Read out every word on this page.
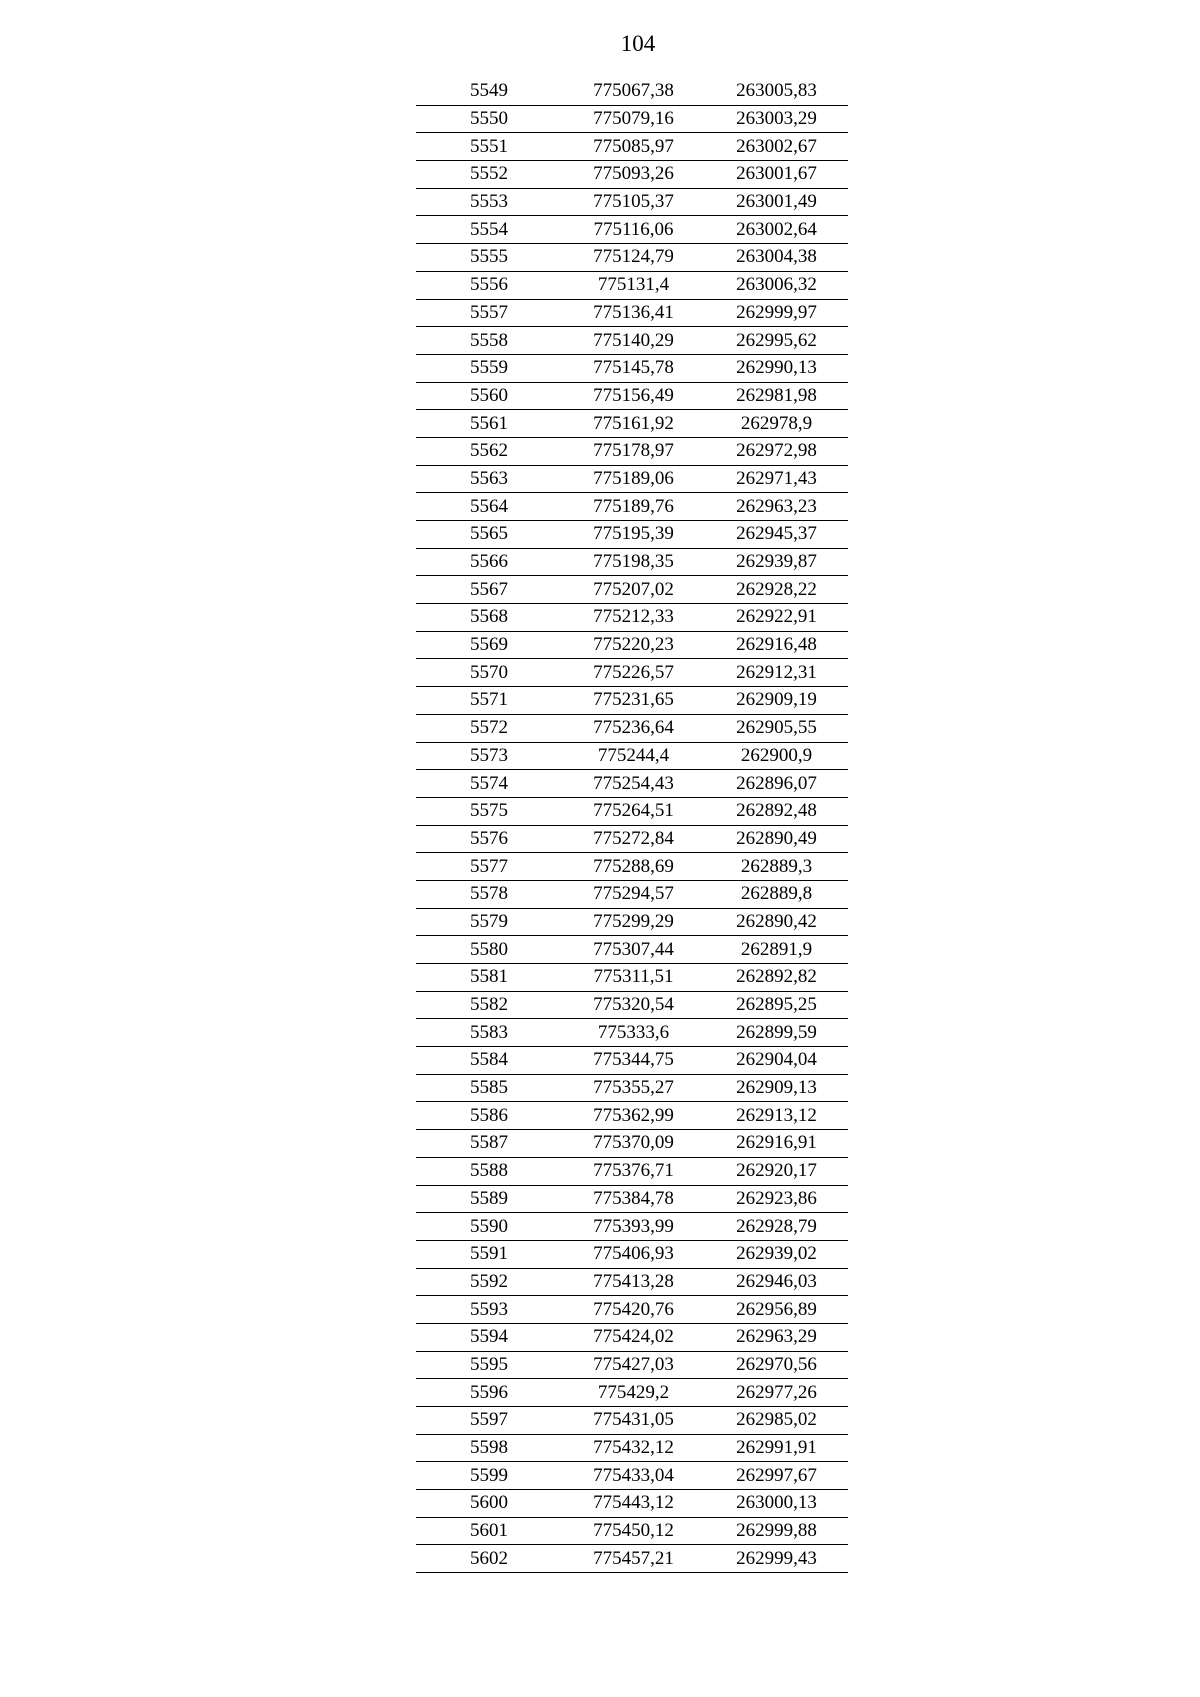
104
5549	775067,38	263005,83
5550	775079,16	263003,29
5551	775085,97	263002,67
5552	775093,26	263001,67
5553	775105,37	263001,49
5554	775116,06	263002,64
5555	775124,79	263004,38
5556	775131,4	263006,32
5557	775136,41	262999,97
5558	775140,29	262995,62
5559	775145,78	262990,13
5560	775156,49	262981,98
5561	775161,92	262978,9
5562	775178,97	262972,98
5563	775189,06	262971,43
5564	775189,76	262963,23
5565	775195,39	262945,37
5566	775198,35	262939,87
5567	775207,02	262928,22
5568	775212,33	262922,91
5569	775220,23	262916,48
5570	775226,57	262912,31
5571	775231,65	262909,19
5572	775236,64	262905,55
5573	775244,4	262900,9
5574	775254,43	262896,07
5575	775264,51	262892,48
5576	775272,84	262890,49
5577	775288,69	262889,3
5578	775294,57	262889,8
5579	775299,29	262890,42
5580	775307,44	262891,9
5581	775311,51	262892,82
5582	775320,54	262895,25
5583	775333,6	262899,59
5584	775344,75	262904,04
5585	775355,27	262909,13
5586	775362,99	262913,12
5587	775370,09	262916,91
5588	775376,71	262920,17
5589	775384,78	262923,86
5590	775393,99	262928,79
5591	775406,93	262939,02
5592	775413,28	262946,03
5593	775420,76	262956,89
5594	775424,02	262963,29
5595	775427,03	262970,56
5596	775429,2	262977,26
5597	775431,05	262985,02
5598	775432,12	262991,91
5599	775433,04	262997,67
5600	775443,12	263000,13
5601	775450,12	262999,88
5602	775457,21	262999,43
